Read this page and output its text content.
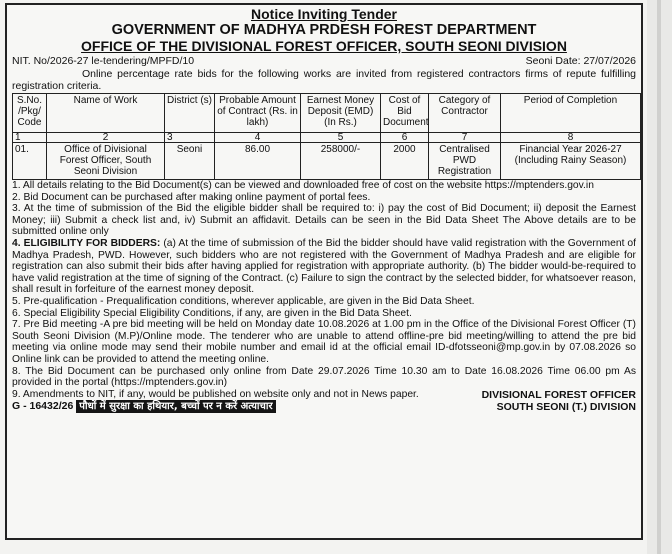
Notice Inviting Tender
GOVERNMENT OF MADHYA PRDESH FOREST DEPARTMENT
OFFICE OF THE DIVISIONAL FOREST OFFICER, SOUTH SEONI DIVISION
NIT. No/2026-27 le-tendering/MPFD/10	Seoni Date: 27/07/2026
Online percentage rate bids for the following works are invited from registered contractors firms of repute fulfilling registration criteria.
S.No. /Pkg/ Code	Name of Work	District (s)	Probable Amount of Contract (Rs. in lakh)	Earnest Money Deposit (EMD) (In Rs.)	Cost of Bid Document	Category of Contractor	Period of Completion
1	2	3	4	5	6	7	8
01.	Office of Divisional Forest Officer, South Seoni Division	Seoni	86.00	258000/-	2000	Centralised PWD Registration	Financial Year 2026-27 (Including Rainy Season)

1. All details relating to the Bid Document(s) can be viewed and downloaded free of cost on the website https://mptenders.gov.in

2. Bid Document can be purchased after making online payment of portal fees.

3. At the time of submission of the Bid the eligible bidder shall be required to: i) pay the cost of Bid Document; ii) deposit the Earnest Money; iii) Submit a check list and, iv) Submit an affidavit. Details can be seen in the Bid Data Sheet The Above details are to be submitted online only

4. ELIGIBILITY FOR BIDDERS: (a) At the time of submission of the Bid the bidder should have valid registration with the Government of Madhya Pradesh, PWD. However, such bidders who are not registered with the Government of Madhya Pradesh and are eligible for registration can also submit their bids after having applied for registration with appropriate authority. (b) The bidder would-be-required to have valid registration at the time of signing of the Contract. (c) Failure to sign the contract by the selected bidder, for whatsoever reason, shall result in forfeiture of the earnest money deposit.

5. Pre-qualification - Prequalification conditions, wherever applicable, are given in the Bid Data Sheet.

6. Special Eligibility Special Eligibility Conditions, if any, are given in the Bid Data Sheet.

7. Pre Bid meeting -A pre bid meeting will be held on Monday date 10.08.2026 at 1.00 pm in the Office of the Divisional Forest Officer (T) South Seoni Division (M.P)/Online mode. The tenderer who are unable to attend offline-pre bid meeting/willing to attend the pre bid meeting via online mode may send their mobile number and email id at the official email ID-dfotsseoni@mp.gov.in by 07.08.2026 so Online link can be provided to attend the meeting online.

8. The Bid Document can be purchased only online from Date 29.07.2026 Time 10.30 am to Date 16.08.2026 Time 06.00 pm As provided in the portal (https://mptenders.gov.in)

9. Amendments to NIT, if any, would be published on website only and not in News paper.

G - 16432/26 पौधों में सुरक्षा का हथियार, बच्चों पर न करें अत्याचार
DIVISIONAL FOREST OFFICER
SOUTH SEONI (T.) DIVISION
